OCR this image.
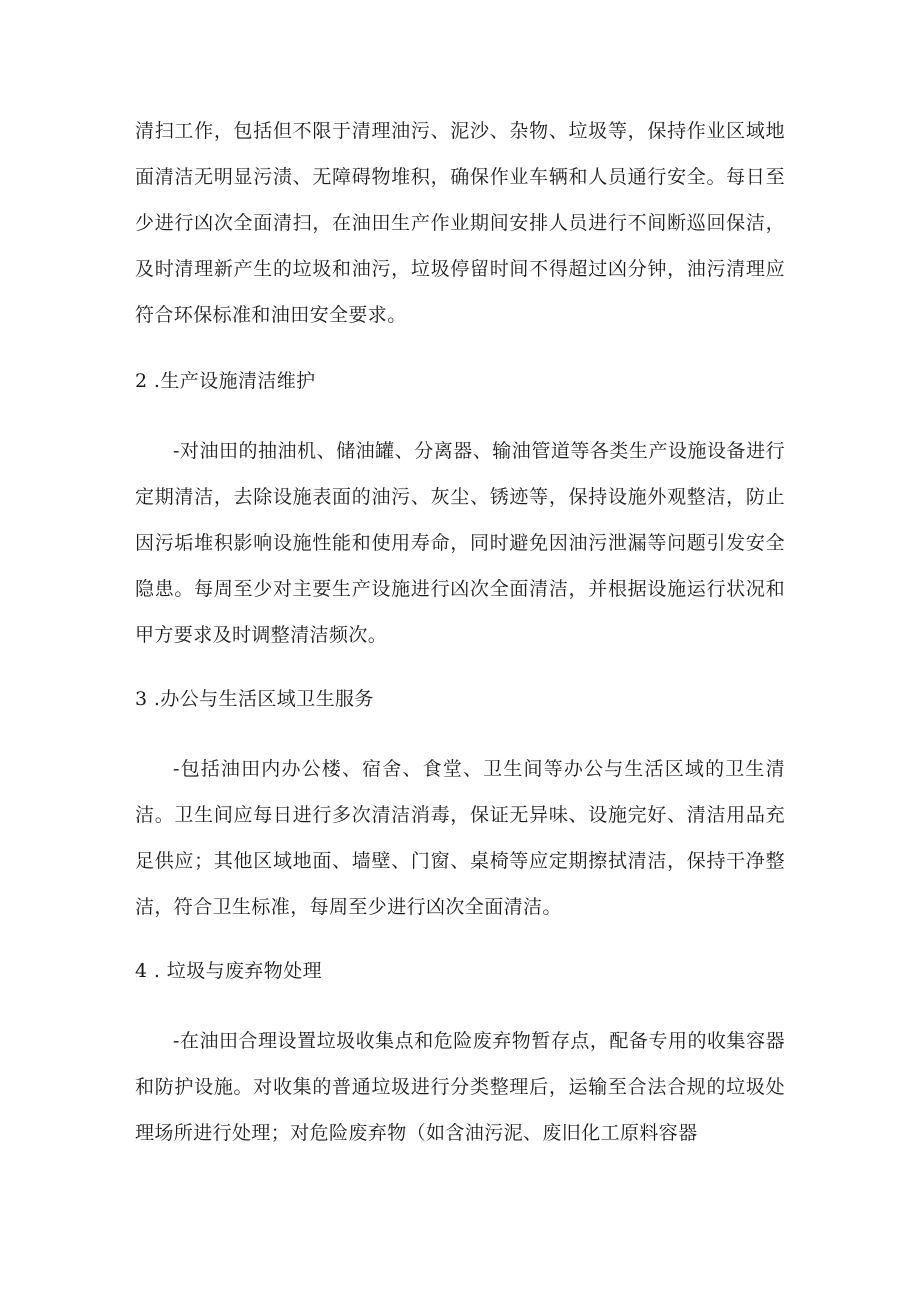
清扫工作，包括但不限于清理油污、泥沙、杂物、垃圾等，保持作业区域地面清洁无明显污渍、无障碍物堆积，确保作业车辆和人员通行安全。每日至少进行凶次全面清扫，在油田生产作业期间安排人员进行不间断巡回保洁，及时清理新产生的垃圾和油污，垃圾停留时间不得超过凶分钟，油污清理应符合环保标准和油田安全要求。

2 .生产设施清洁维护

-对油田的抽油机、储油罐、分离器、输油管道等各类生产设施设备进行定期清洁，去除设施表面的油污、灰尘、锈迹等，保持设施外观整洁，防止因污垢堆积影响设施性能和使用寿命，同时避免因油污泄漏等问题引发安全隐患。每周至少对主要生产设施进行凶次全面清洁，并根据设施运行状况和甲方要求及时调整清洁频次。

3 .办公与生活区域卫生服务

-包括油田内办公楼、宿舍、食堂、卫生间等办公与生活区域的卫生清洁。卫生间应每日进行多次清洁消毒，保证无异味、设施完好、清洁用品充足供应；其他区域地面、墙壁、门窗、桌椅等应定期擦拭清洁，保持干净整洁，符合卫生标准，每周至少进行凶次全面清洁。

4 . 垃圾与废弃物处理

-在油田合理设置垃圾收集点和危险废弃物暂存点，配备专用的收集容器和防护设施。对收集的普通垃圾进行分类整理后，运输至合法合规的垃圾处理场所进行处理；对危险废弃物（如含油污泥、废旧化工原料容器
